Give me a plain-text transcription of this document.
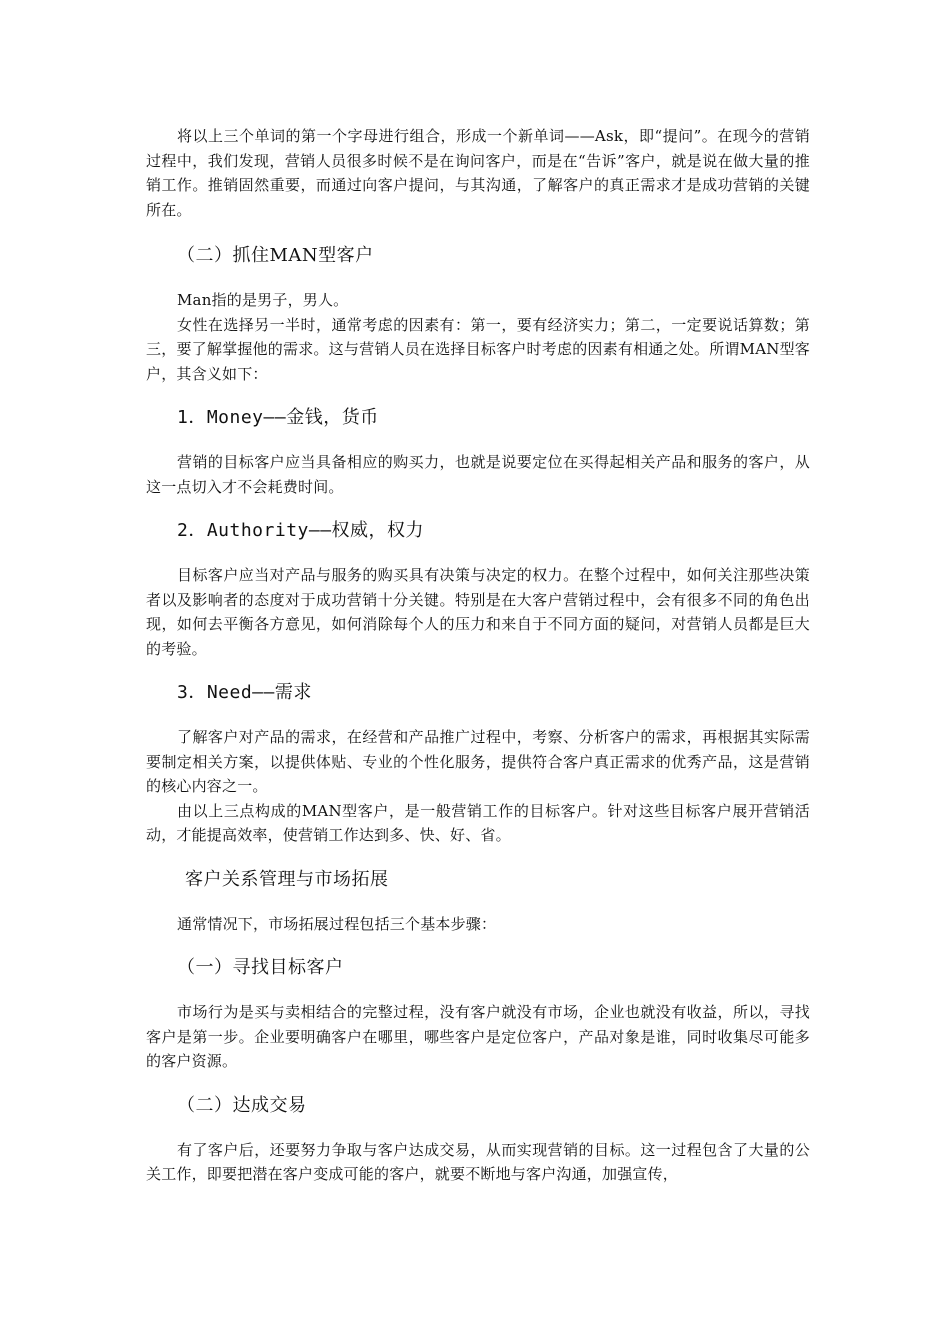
将以上三个单词的第一个字母进行组合，形成一个新单词——Ask，即“提问”。在现今的营销过程中，我们发现，营销人员很多时候不是在询问客户，而是在“告诉”客户，就是说在做大量的推销工作。推销固然重要，而通过向客户提问，与其沟通，了解客户的真正需求才是成功营销的关键所在。

（二）抓住MAN型客户

Man指的是男子，男人。

女性在选择另一半时，通常考虑的因素有：第一，要有经济实力；第二，一定要说话算数；第三，要了解掌握他的需求。这与营销人员在选择目标客户时考虑的因素有相通之处。所谓MAN型客户，其含义如下：

1．Money——金钱，货币

营销的目标客户应当具备相应的购买力，也就是说要定位在买得起相关产品和服务的客户，从这一点切入才不会耗费时间。

2．Authority——权威，权力

目标客户应当对产品与服务的购买具有决策与决定的权力。在整个过程中，如何关注那些决策者以及影响者的态度对于成功营销十分关键。特别是在大客户营销过程中，会有很多不同的角色出现，如何去平衡各方意见，如何消除每个人的压力和来自于不同方面的疑问，对营销人员都是巨大的考验。

3．Need——需求

了解客户对产品的需求，在经营和产品推广过程中，考察、分析客户的需求，再根据其实际需要制定相关方案，以提供体贴、专业的个性化服务，提供符合客户真正需求的优秀产品，这是营销的核心内容之一。

由以上三点构成的MAN型客户，是一般营销工作的目标客户。针对这些目标客户展开营销活动，才能提高效率，使营销工作达到多、快、好、省。

客户关系管理与市场拓展

通常情况下，市场拓展过程包括三个基本步骤：

（一）寻找目标客户

市场行为是买与卖相结合的完整过程，没有客户就没有市场，企业也就没有收益，所以，寻找客户是第一步。企业要明确客户在哪里，哪些客户是定位客户，产品对象是谁，同时收集尽可能多的客户资源。

（二）达成交易

有了客户后，还要努力争取与客户达成交易，从而实现营销的目标。这一过程包含了大量的公关工作，即要把潜在客户变成可能的客户，就要不断地与客户沟通，加强宣传，
